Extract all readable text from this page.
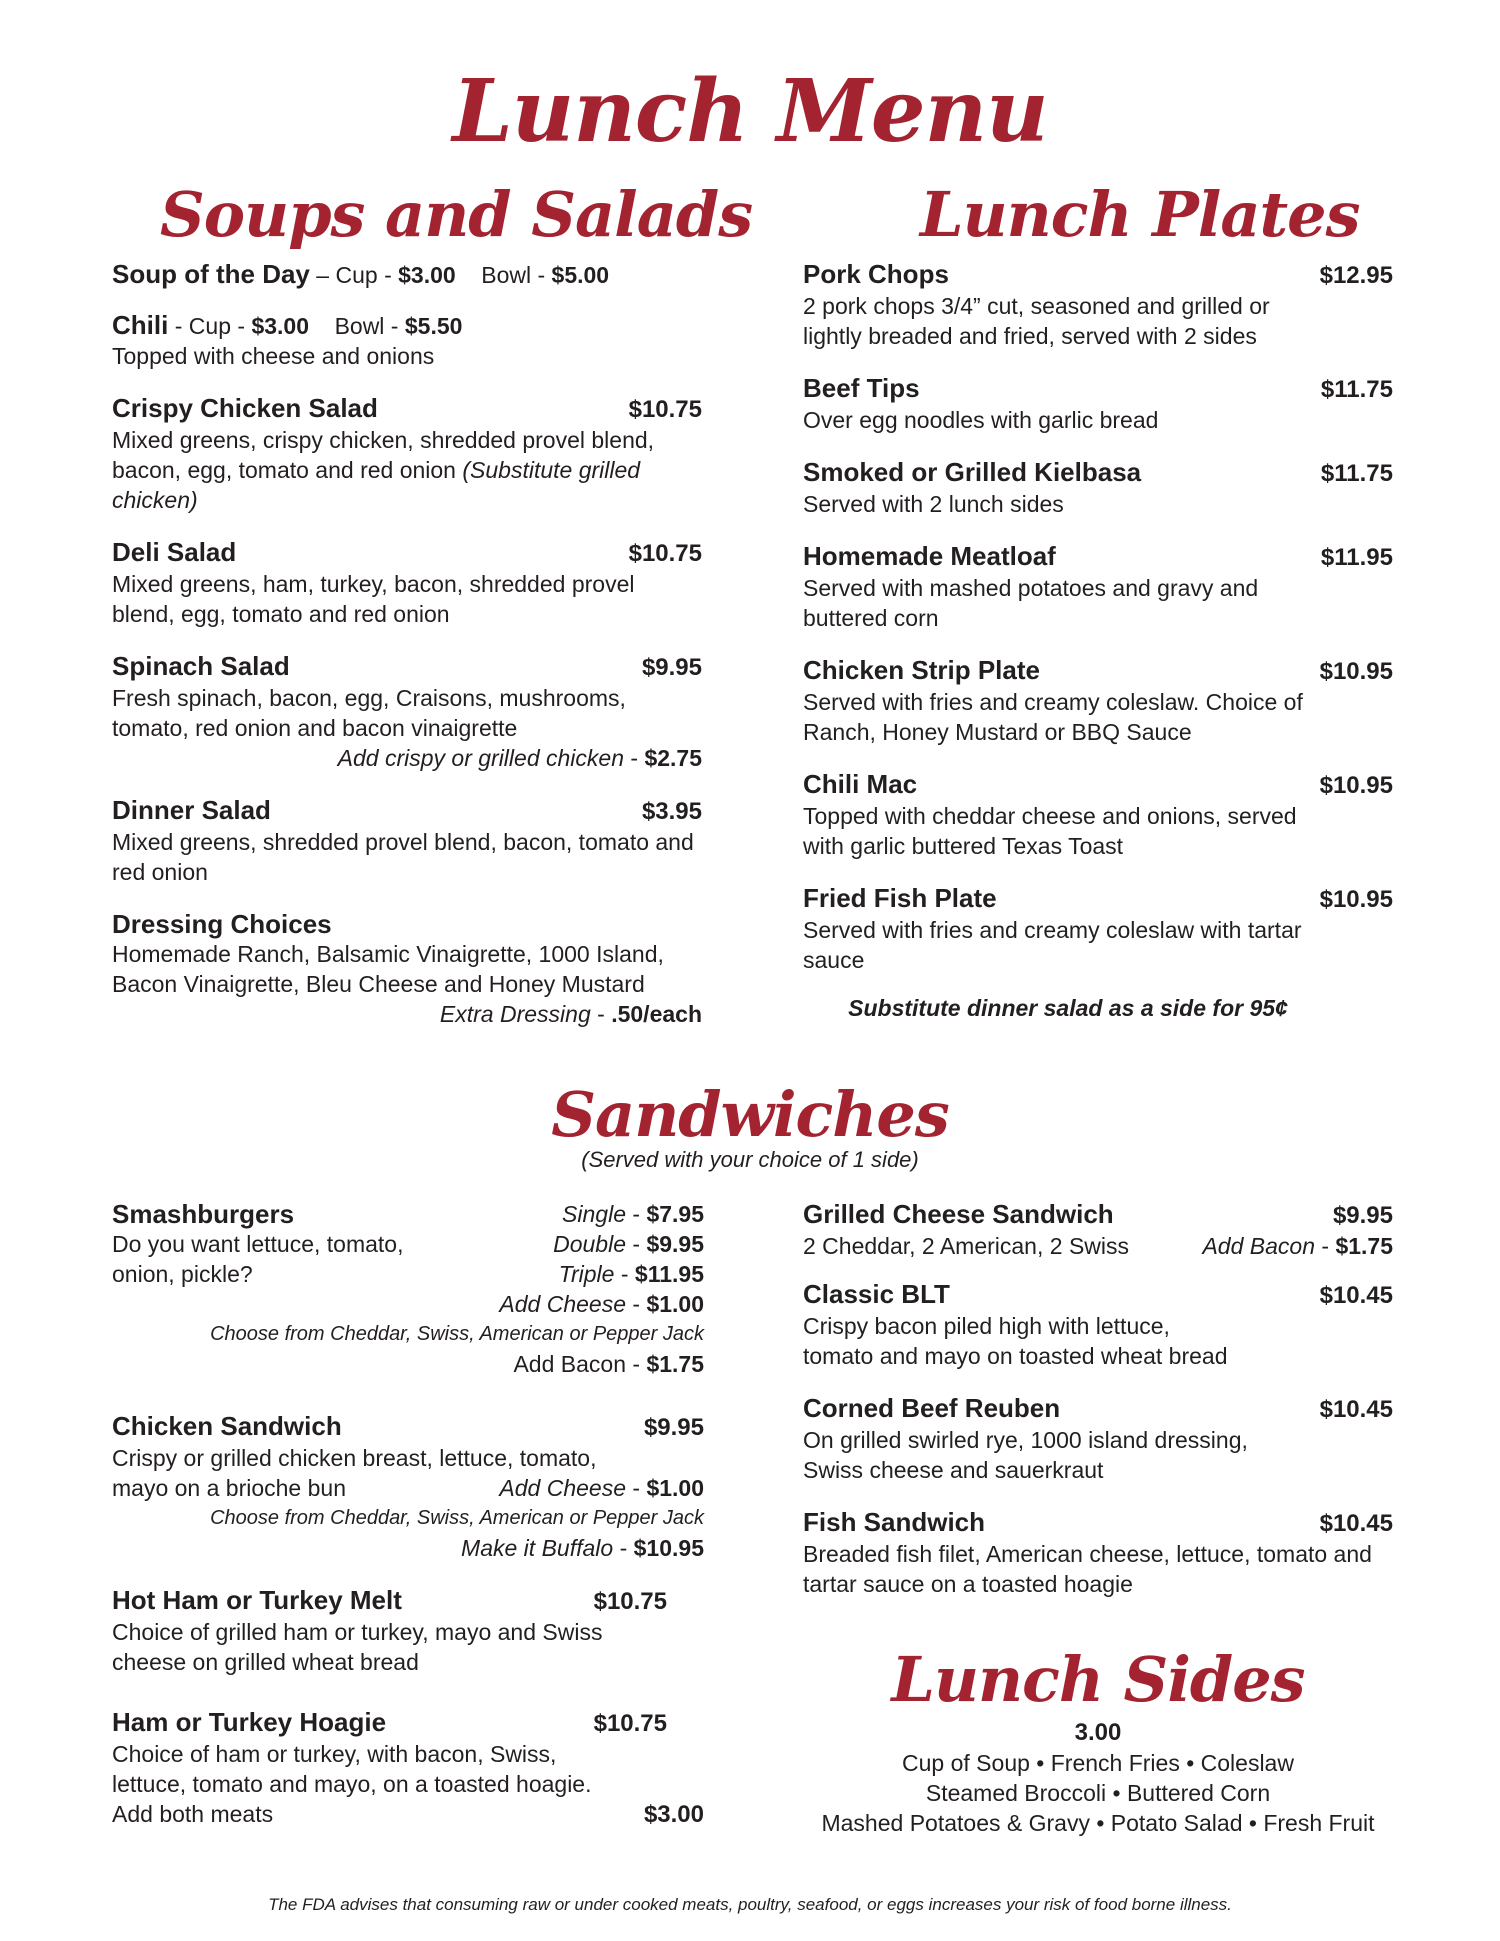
Lunch Menu
Soups and Salads	Lunch Plates
Soup of the Day – Cup - $3.00 Bowl - $5.00
Chili - Cup - $3.00 Bowl - $5.50
Topped with cheese and onions
Crispy Chicken Salad	$10.75
Mixed greens, crispy chicken, shredded provel blend, bacon, egg, tomato and red onion (Substitute grilled chicken)
Deli Salad	$10.75
Mixed greens, ham, turkey, bacon, shredded provel blend, egg, tomato and red onion
Spinach Salad	$9.95
Fresh spinach, bacon, egg, Craisons, mushrooms, tomato, red onion and bacon vinaigrette
Add crispy or grilled chicken - $2.75
Dinner Salad	$3.95
Mixed greens, shredded provel blend, bacon, tomato and red onion
Dressing Choices
Homemade Ranch, Balsamic Vinaigrette, 1000 Island, Bacon Vinaigrette, Bleu Cheese and Honey Mustard
Extra Dressing - .50/each
Pork Chops	$12.95
2 pork chops 3/4” cut, seasoned and grilled or lightly breaded and fried, served with 2 sides
Beef Tips	$11.75
Over egg noodles with garlic bread
Smoked or Grilled Kielbasa	$11.75
Served with 2 lunch sides
Homemade Meatloaf	$11.95
Served with mashed potatoes and gravy and buttered corn
Chicken Strip Plate	$10.95
Served with fries and creamy coleslaw. Choice of Ranch, Honey Mustard or BBQ Sauce
Chili Mac	$10.95
Topped with cheddar cheese and onions, served with garlic buttered Texas Toast
Fried Fish Plate	$10.95
Served with fries and creamy coleslaw with tartar sauce
Substitute dinner salad as a side for 95¢
Sandwiches
(Served with your choice of 1 side)
Smashburgers
Do you want lettuce, tomato, onion, pickle?
Single - $7.95
Double - $9.95
Triple - $11.95
Add Cheese - $1.00
Choose from Cheddar, Swiss, American or Pepper Jack
Add Bacon - $1.75
Chicken Sandwich	$9.95
Crispy or grilled chicken breast, lettuce, tomato,
mayo on a brioche bun	Add Cheese - $1.00
Choose from Cheddar, Swiss, American or Pepper Jack
Make it Buffalo - $10.95
Hot Ham or Turkey Melt	$10.75
Choice of grilled ham or turkey, mayo and Swiss cheese on grilled wheat bread
Ham or Turkey Hoagie	$10.75
Choice of ham or turkey, with bacon, Swiss, lettuce, tomato and mayo, on a toasted hoagie.
Add both meats	$3.00
Grilled Cheese Sandwich	$9.95
2 Cheddar, 2 American, 2 Swiss	Add Bacon - $1.75
Classic BLT	$10.45
Crispy bacon piled high with lettuce, tomato and mayo on toasted wheat bread
Corned Beef Reuben	$10.45
On grilled swirled rye, 1000 island dressing, Swiss cheese and sauerkraut
Fish Sandwich	$10.45
Breaded fish filet, American cheese, lettuce, tomato and tartar sauce on a toasted hoagie
Lunch Sides
3.00
Cup of Soup • French Fries • Coleslaw
Steamed Broccoli • Buttered Corn
Mashed Potatoes & Gravy • Potato Salad • Fresh Fruit
The FDA advises that consuming raw or under cooked meats, poultry, seafood, or eggs increases your risk of food borne illness.
